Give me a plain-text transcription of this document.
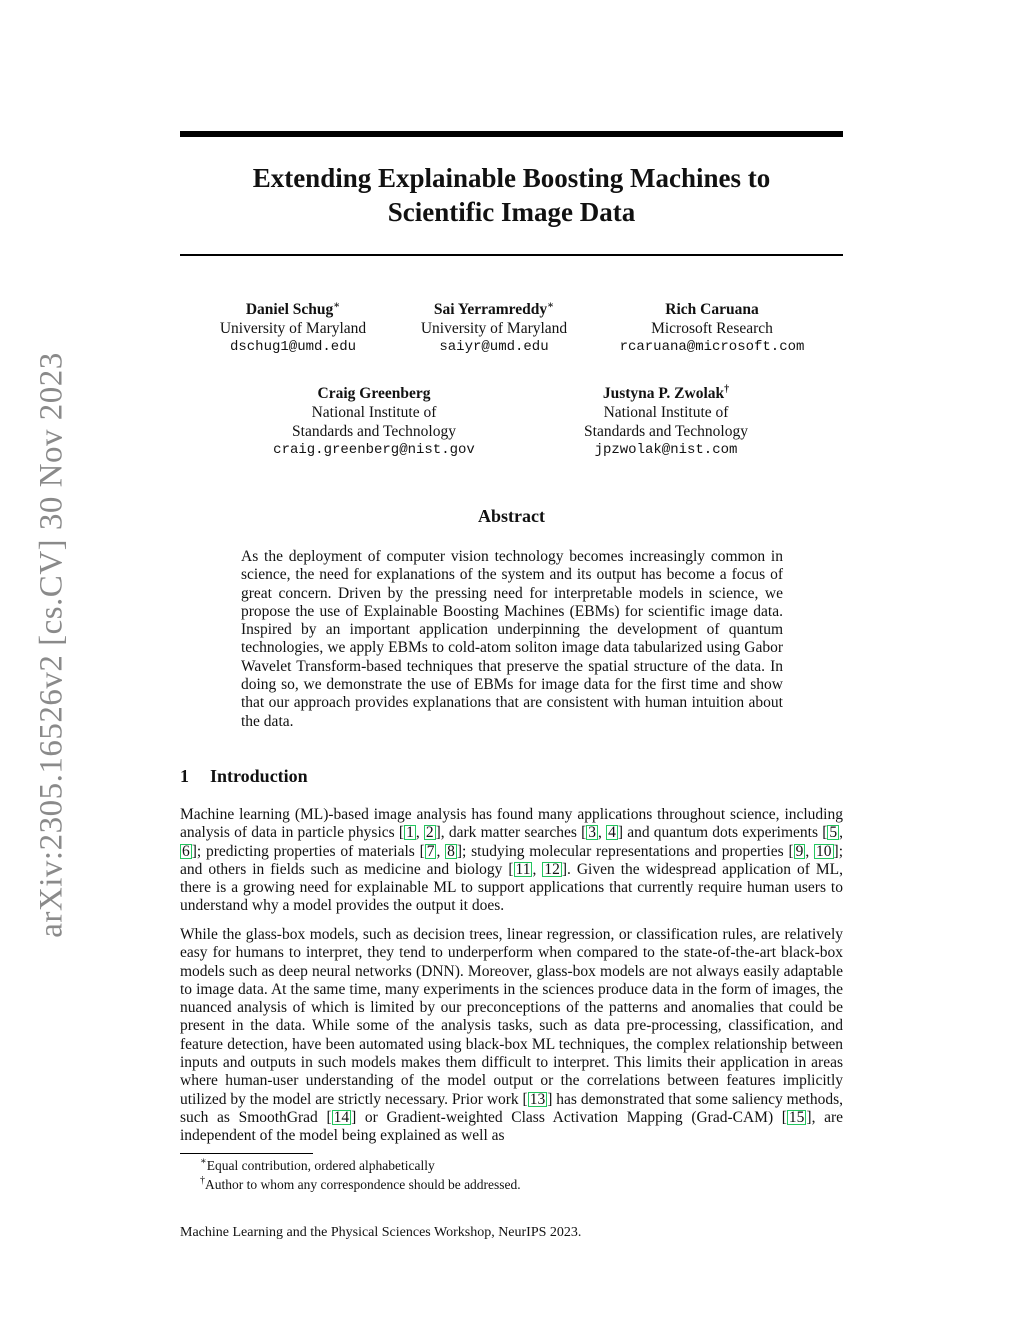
arXiv:2305.16526v2 [cs.CV] 30 Nov 2023
Extending Explainable Boosting Machines to
Scientific Image Data
Daniel Schug∗
University of Maryland
dschug1@umd.edu
Sai Yerramreddy∗
University of Maryland
saiyr@umd.edu
Rich Caruana
Microsoft Research
rcaruana@microsoft.com
Craig Greenberg
National Institute of
Standards and Technology
craig.greenberg@nist.gov
Justyna P. Zwolak†
National Institute of
Standards and Technology
jpzwolak@nist.com
Abstract
As the deployment of computer vision technology becomes increasingly common in science, the need for explanations of the system and its output has become a focus of great concern. Driven by the pressing need for interpretable models in science, we propose the use of Explainable Boosting Machines (EBMs) for scientific image data. Inspired by an important application underpinning the development of quantum technologies, we apply EBMs to cold-atom soliton image data tabularized using Gabor Wavelet Transform-based techniques that preserve the spatial structure of the data. In doing so, we demonstrate the use of EBMs for image data for the first time and show that our approach provides explanations that are consistent with human intuition about the data.
1 Introduction
Machine learning (ML)-based image analysis has found many applications throughout science, including analysis of data in particle physics [ 1 , 2 ], dark matter searches [ 3 , 4 ] and quantum dots experiments [ 5 , 6 ]; predicting properties of materials [ 7 , 8 ]; studying molecular representations and properties [ 9 , 10 ]; and others in fields such as medicine and biology [ 11 , 12 ]. Given the widespread application of ML, there is a growing need for explainable ML to support applications that currently require human users to understand why a model provides the output it does.
While the glass-box models, such as decision trees, linear regression, or classification rules, are relatively easy for humans to interpret, they tend to underperform when compared to the state-of-the-art black-box models such as deep neural networks (DNN). Moreover, glass-box models are not always easily adaptable to image data. At the same time, many experiments in the sciences produce data in the form of images, the nuanced analysis of which is limited by our preconceptions of the patterns and anomalies that could be present in the data. While some of the analysis tasks, such as data pre-processing, classification, and feature detection, have been automated using black-box ML techniques, the complex relationship between inputs and outputs in such models makes them difficult to interpret. This limits their application in areas where human-user understanding of the model output or the correlations between features implicitly utilized by the model are strictly necessary. Prior work [ 13 ] has demonstrated that some saliency methods, such as SmoothGrad [ 14 ] or Gradient-weighted Class Activation Mapping (Grad-CAM) [ 15 ], are independent of the model being explained as well as
∗Equal contribution, ordered alphabetically
†Author to whom any correspondence should be addressed.
Machine Learning and the Physical Sciences Workshop, NeurIPS 2023.
